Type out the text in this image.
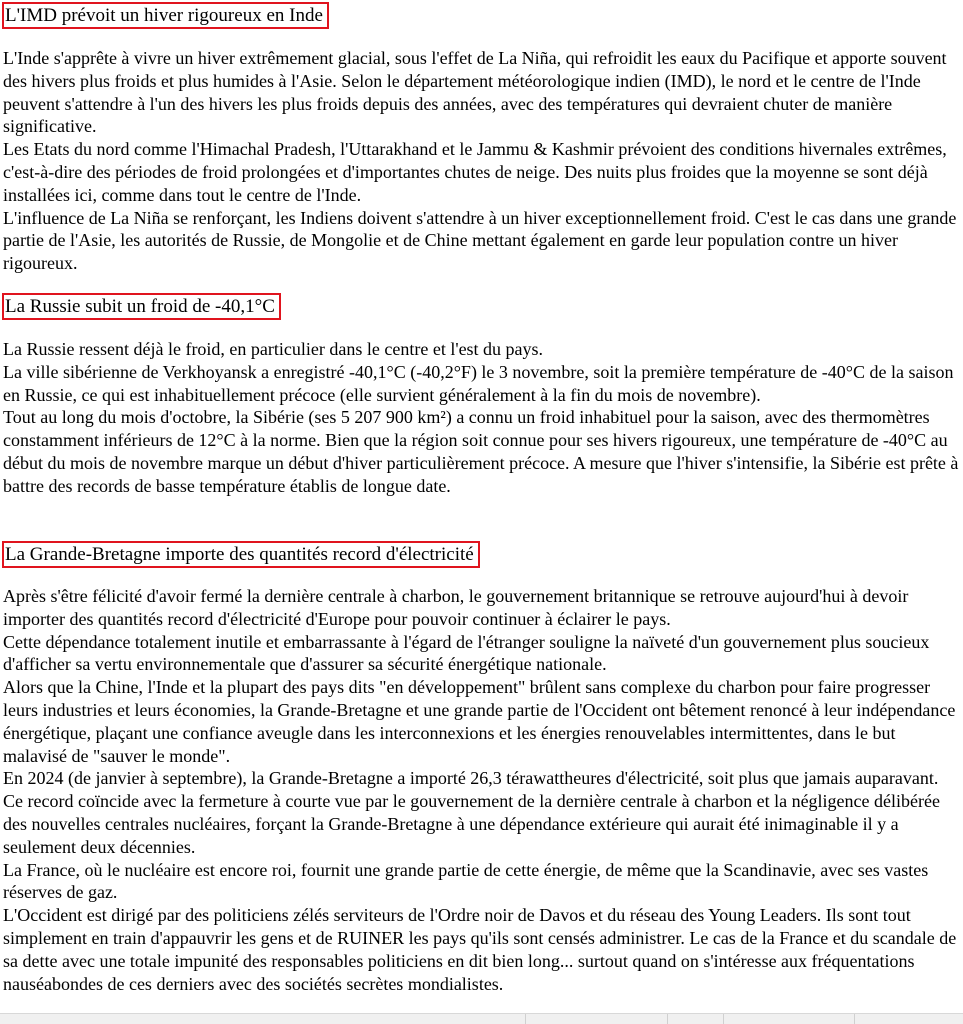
L'IMD prévoit un hiver rigoureux en Inde

L'Inde s'apprête à vivre un hiver extrêmement glacial, sous l'effet de La Niña, qui refroidit les eaux du Pacifique et apporte souvent des hivers plus froids et plus humides à l'Asie. Selon le département météorologique indien (IMD), le nord et le centre de l'Inde peuvent s'attendre à l'un des hivers les plus froids depuis des années, avec des températures qui devraient chuter de manière significative.

Les Etats du nord comme l'Himachal Pradesh, l'Uttarakhand et le Jammu & Kashmir prévoient des conditions hivernales extrêmes, c'est-à-dire des périodes de froid prolongées et d'importantes chutes de neige. Des nuits plus froides que la moyenne se sont déjà installées ici, comme dans tout le centre de l'Inde.

L'influence de La Niña se renforçant, les Indiens doivent s'attendre à un hiver exceptionnellement froid. C'est le cas dans une grande partie de l'Asie, les autorités de Russie, de Mongolie et de Chine mettant également en garde leur population contre un hiver rigoureux.

La Russie subit un froid de -40,1°C

La Russie ressent déjà le froid, en particulier dans le centre et l'est du pays.

La ville sibérienne de Verkhoyansk a enregistré -40,1°C (-40,2°F) le 3 novembre, soit la première température de -40°C de la saison en Russie, ce qui est inhabituellement précoce (elle survient généralement à la fin du mois de novembre).

Tout au long du mois d'octobre, la Sibérie (ses 5 207 900 km²) a connu un froid inhabituel pour la saison, avec des thermomètres constamment inférieurs de 12°C à la norme. Bien que la région soit connue pour ses hivers rigoureux, une température de -40°C au début du mois de novembre marque un début d'hiver particulièrement précoce. A mesure que l'hiver s'intensifie, la Sibérie est prête à battre des records de basse température établis de longue date.

La Grande-Bretagne importe des quantités record d'électricité

Après s'être félicité d'avoir fermé la dernière centrale à charbon, le gouvernement britannique se retrouve aujourd'hui à devoir importer des quantités record d'électricité d'Europe pour pouvoir continuer à éclairer le pays.

Cette dépendance totalement inutile et embarrassante à l'égard de l'étranger souligne la naïveté d'un gouvernement plus soucieux d'afficher sa vertu environnementale que d'assurer sa sécurité énergétique nationale.

Alors que la Chine, l'Inde et la plupart des pays dits "en développement" brûlent sans complexe du charbon pour faire progresser leurs industries et leurs économies, la Grande-Bretagne et une grande partie de l'Occident ont bêtement renoncé à leur indépendance énergétique, plaçant une confiance aveugle dans les interconnexions et les énergies renouvelables intermittentes, dans le but malavisé de "sauver le monde".

En 2024 (de janvier à septembre), la Grande-Bretagne a importé 26,3 térawattheures d'électricité, soit plus que jamais auparavant. Ce record coïncide avec la fermeture à courte vue par le gouvernement de la dernière centrale à charbon et la négligence délibérée des nouvelles centrales nucléaires, forçant la Grande-Bretagne à une dépendance extérieure qui aurait été inimaginable il y a seulement deux décennies.

La France, où le nucléaire est encore roi, fournit une grande partie de cette énergie, de même que la Scandinavie, avec ses vastes réserves de gaz.

L'Occident est dirigé par des politiciens zélés serviteurs de l'Ordre noir de Davos et du réseau des Young Leaders. Ils sont tout simplement en train d'appauvrir les gens et de RUINER les pays qu'ils sont censés administrer. Le cas de la France et du scandale de sa dette avec une totale impunité des responsables politiciens en dit bien long... surtout quand on s'intéresse aux fréquentations nauséabondes de ces derniers avec des sociétés secrètes mondialistes.
